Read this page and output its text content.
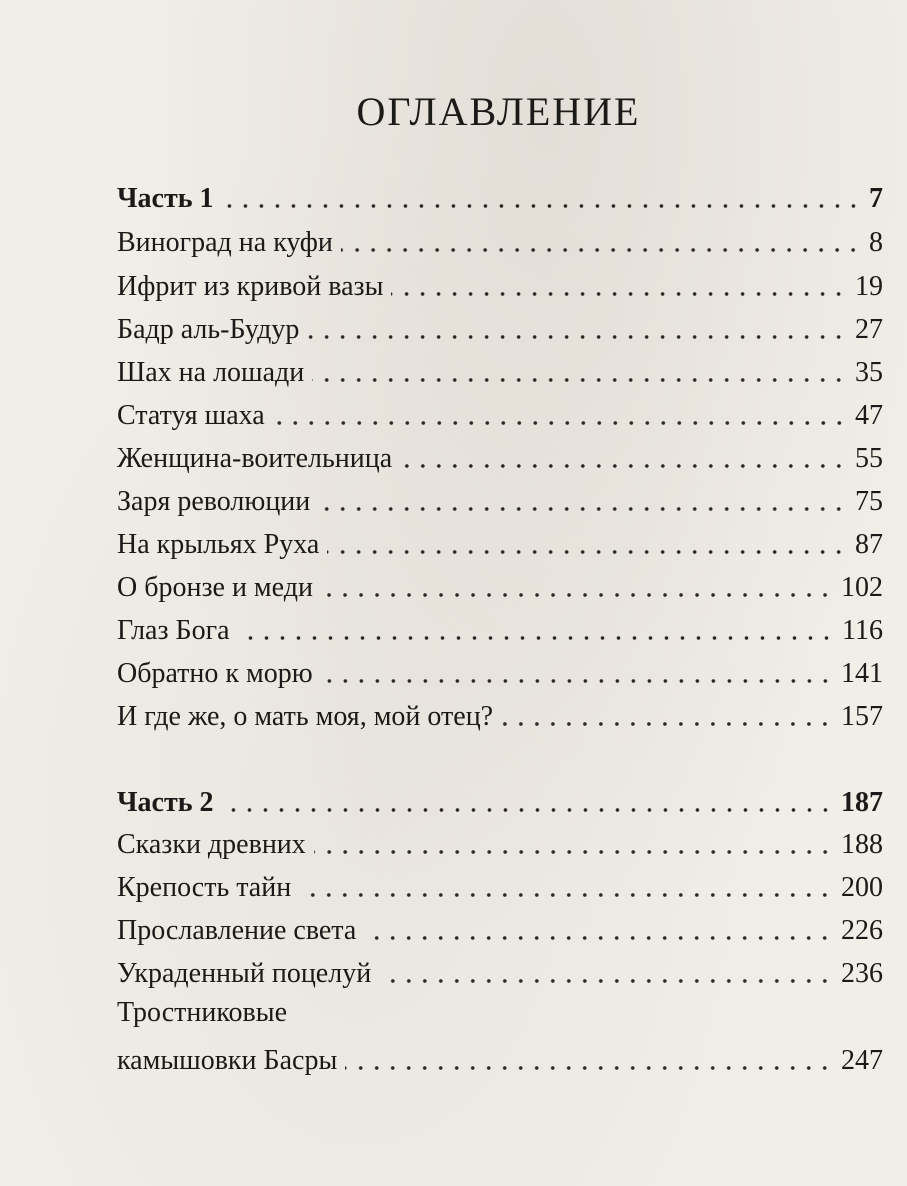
ОГЛАВЛЕНИЕ
Часть 1	7
Виноград на куфи	8
Ифрит из кривой вазы	19
Бадр аль-Будур	27
Шах на лошади	35
Статуя шаха	47
Женщина-воительница	55
Заря революции	75
На крыльях Руха	87
О бронзе и меди	102
Глаз Бога	116
Обратно к морю	141
И где же, о мать моя, мой отец?	157
Часть 2	187
Сказки древних	188
Крепость тайн	200
Прославление света	226
Украденный поцелуй	236
Тростниковые
камышовки Басры	247
